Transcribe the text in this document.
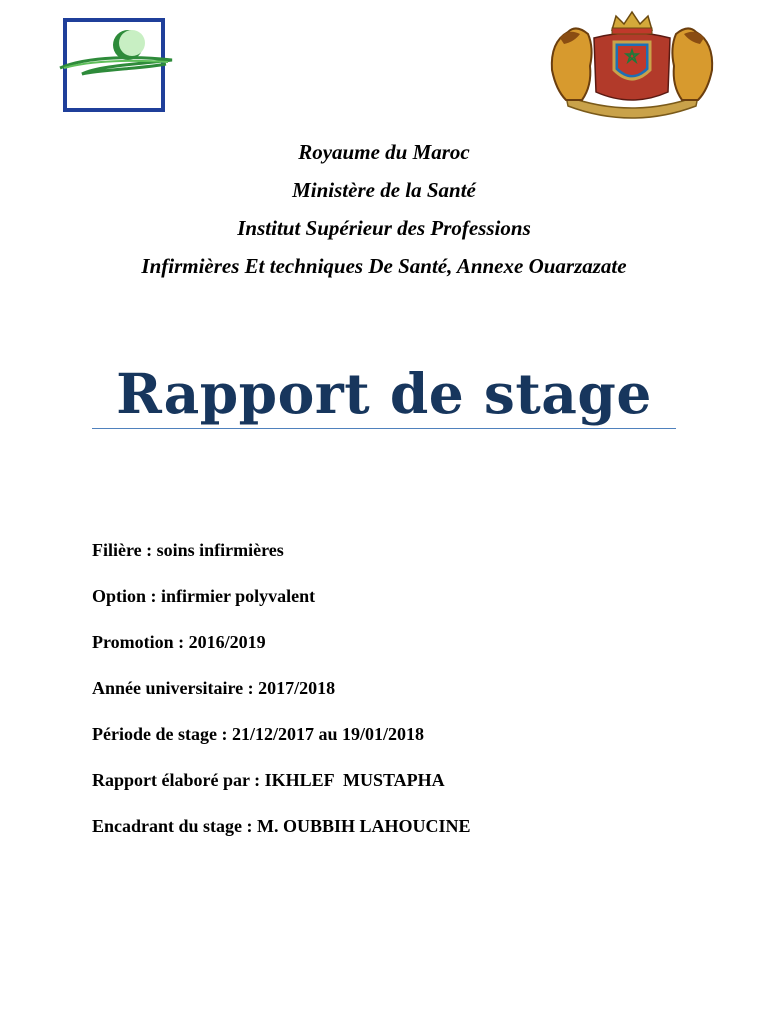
Royaume du Maroc
Ministère de la Santé
Institut Supérieur des Professions
Infirmières Et techniques De Santé, Annexe Ouarzazate
Rapport de stage
Filière : soins infirmières
Option : infirmier polyvalent
Promotion : 2016/2019
Année universitaire : 2017/2018
Période de stage : 21/12/2017 au 19/01/2018
Rapport élaboré par : IKHLEF  MUSTAPHA
Encadrant du stage : M. OUBBIH LAHOUCINE
